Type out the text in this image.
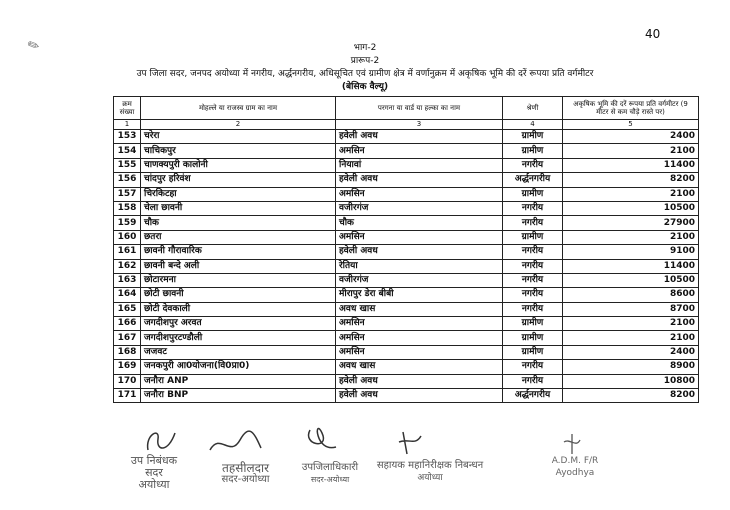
40
✎	भाग-2
प्रारूप-2
उप जिला सदर, जनपद अयोध्या में नगरीय, अर्द्धनगरीय, अधिसूचित एवं ग्रामीण क्षेत्र में वर्णानुक्रम में अकृषिक भूमि की दरें रूपया प्रति वर्गमीटर
(बेसिक वैल्यू)
क्रम संख्या	मोहल्ले या राजस्व ग्राम का नाम	परगना या वार्ड या हल्का का नाम	श्रेणी	अकृषिक भूमि की दरें रूपया प्रति वर्गमीटर (9 मीटर से कम चौड़े रास्ते पर)
1	2	3	4	5
153	चरेरा	हवेली अवध	ग्रामीण	2400
154	चाचिकपुर	अमसिन	ग्रामीण	2100
155	चाणक्यपुरी कालोनी	नियावां	नगरीय	11400
156	चांदपुर हरिवंश	हवेली अवध	अर्द्धनगरीय	8200
157	चिरकिटहा	अमसिन	ग्रामीण	2100
158	चेला छावनी	वजीरगंज	नगरीय	10500
159	चौक	चौक	नगरीय	27900
160	छतरा	अमसिन	ग्रामीण	2100
161	छावनी गौरावारिक	हवेली अवध	नगरीय	9100
162	छावनी बन्दे अली	रेतिया	नगरीय	11400
163	छोटारमना	वजीरगंज	नगरीय	10500
164	छोटी छावनी	मीरापुर डेरा बीबी	नगरीय	8600
165	छोटी देवकाली	अवध खास	नगरीय	8700
166	जगदीशपुर अरवत	अमसिन	ग्रामीण	2100
167	जगदीशपुरटण्डौली	अमसिन	ग्रामीण	2100
168	जजवट	अमसिन	ग्रामीण	2400
169	जनकपुरी आ0योजना(वि0प्रा0)	अवध खास	नगरीय	8900
170	जनौरा ANP	हवेली अवध	नगरीय	10800
171	जनौरा BNP	हवेली अवध	अर्द्धनगरीय	8200
उप निबंधक
सदर
अयोध्या
तहसीलदार
सदर-अयोध्या
उपजिलाधिकारी
सदर-अयोध्या
सहायक महानिरीक्षक निबन्धन
अयोध्या
A.D.M. F/R
Ayodhya
